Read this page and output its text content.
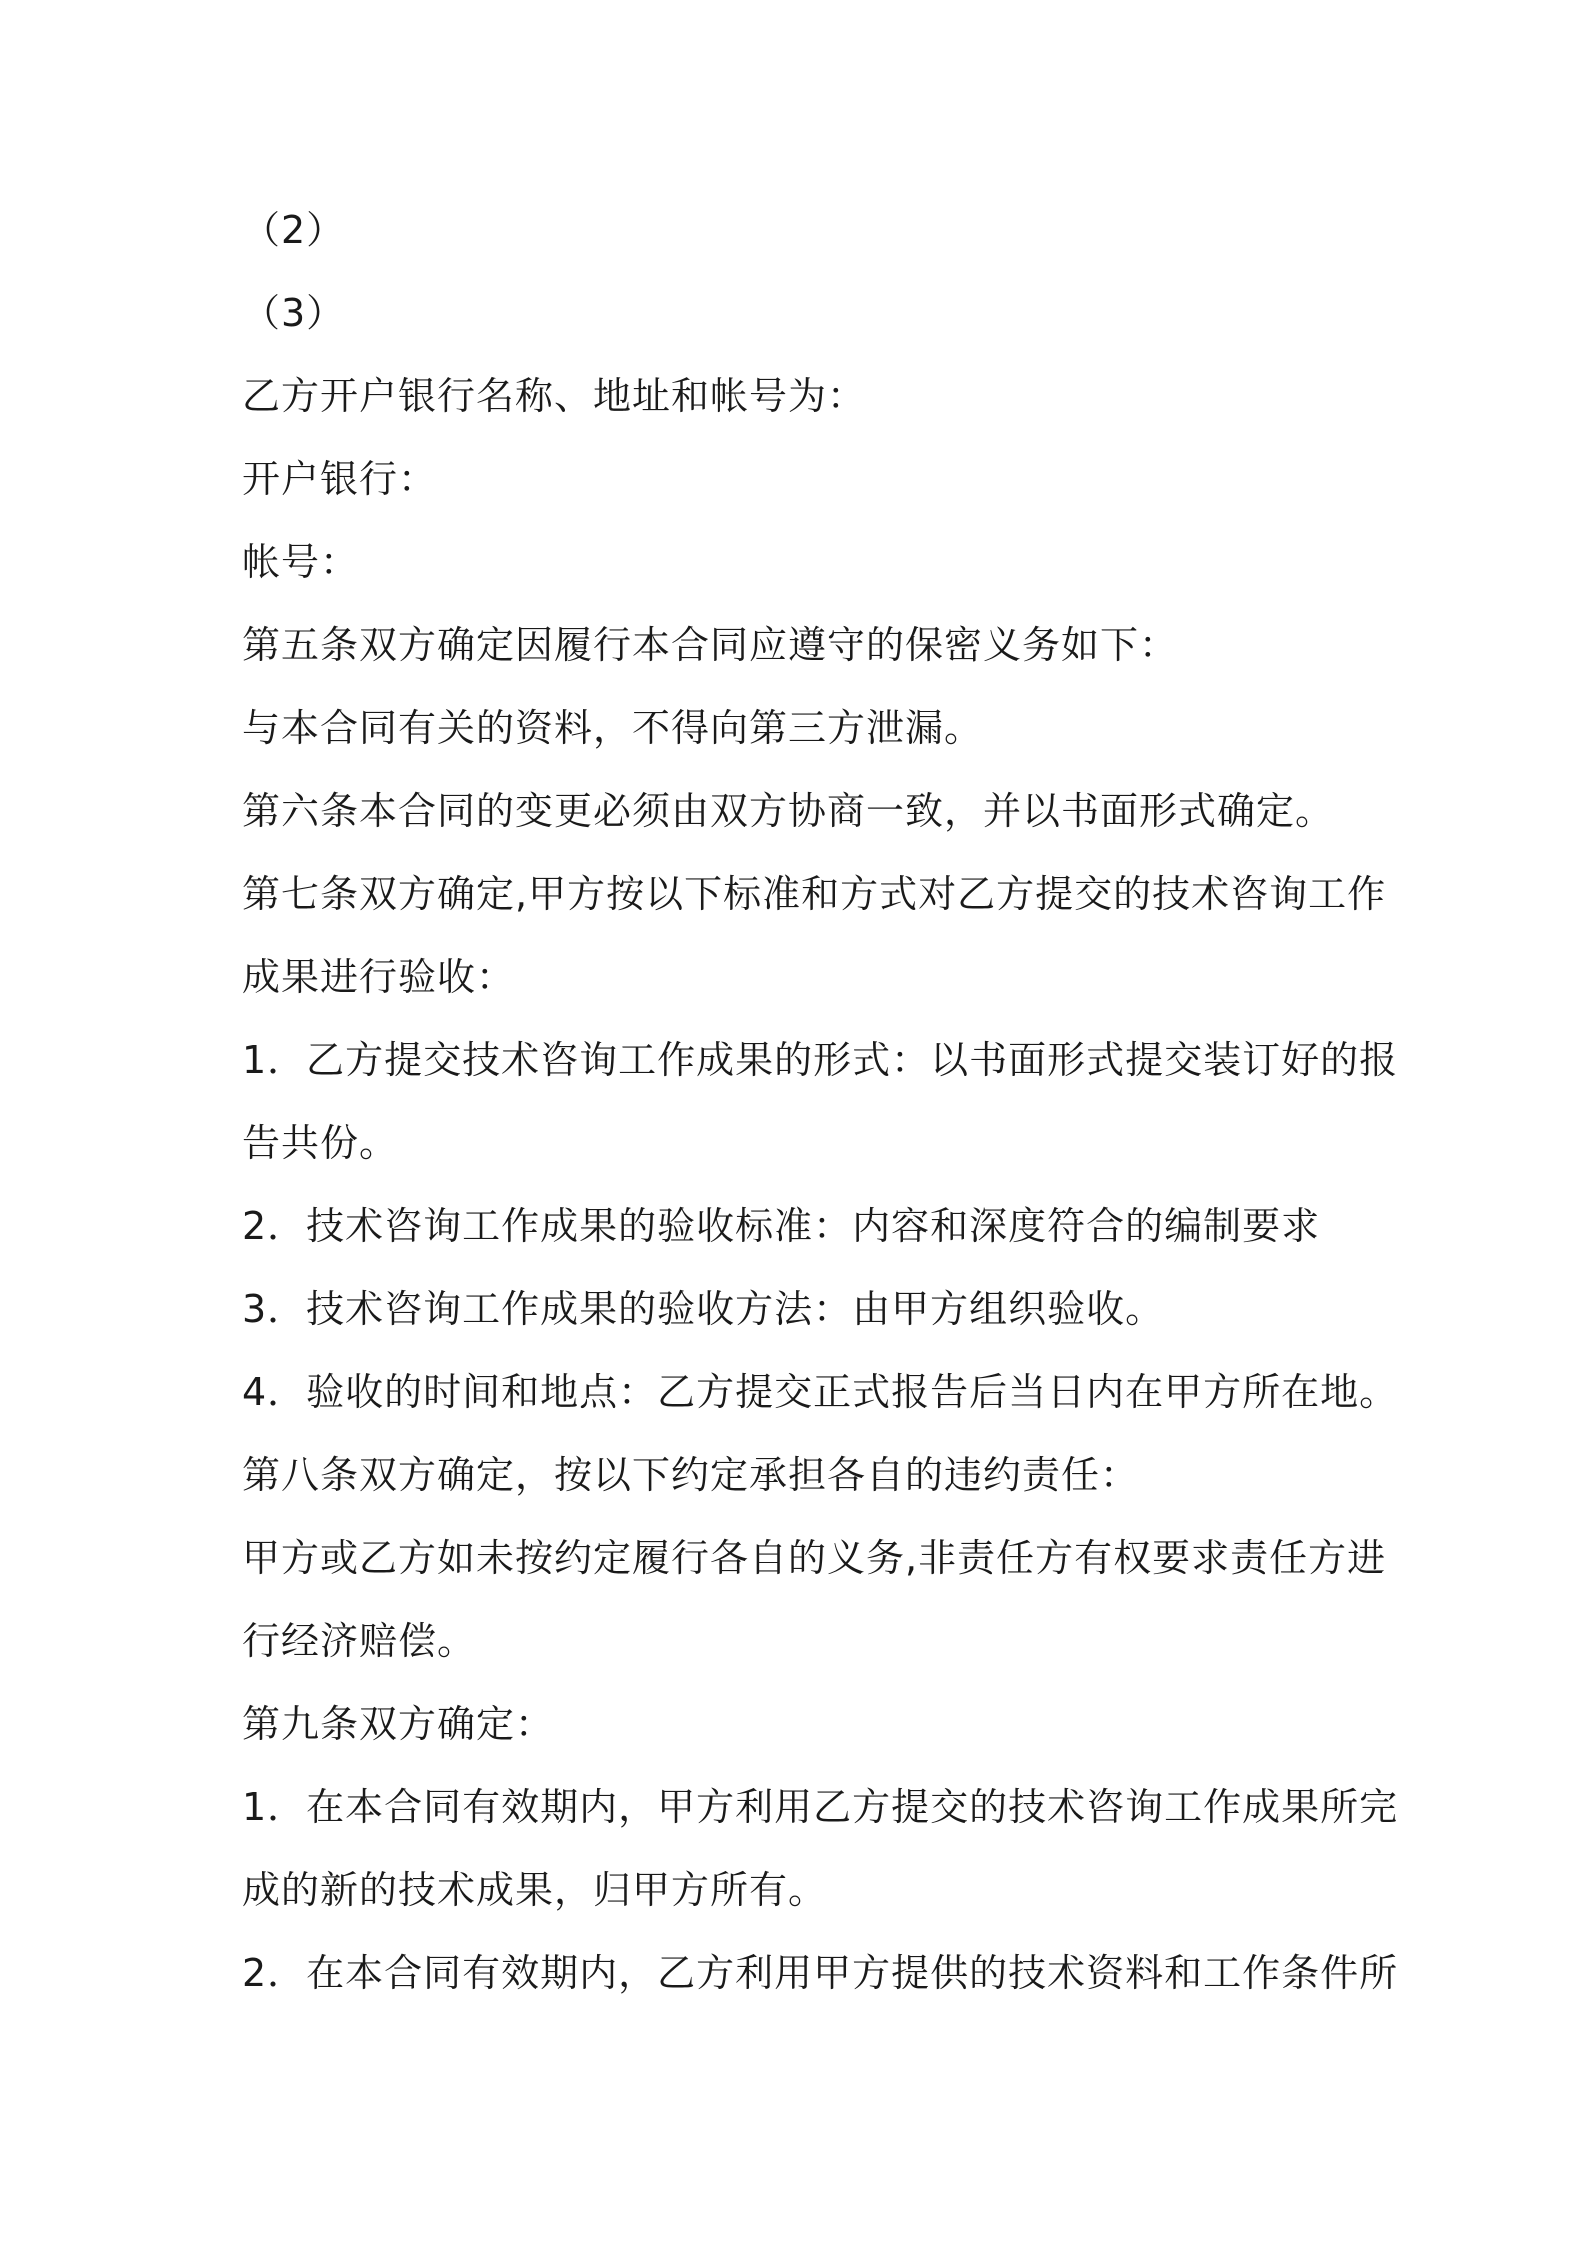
（2）
（3）
乙方开户银行名称、地址和帐号为：
开户银行：
帐号：
第五条双方确定因履行本合同应遵守的保密义务如下：
与本合同有关的资料，不得向第三方泄漏。
第六条本合同的变更必须由双方协商一致，并以书面形式确定。
第七条双方确定,甲方按以下标准和方式对乙方提交的技术咨询工作
成果进行验收：
1．乙方提交技术咨询工作成果的形式：以书面形式提交装订好的报
告共份。
2．技术咨询工作成果的验收标准：内容和深度符合的编制要求
3．技术咨询工作成果的验收方法：由甲方组织验收。
4．验收的时间和地点：乙方提交正式报告后当日内在甲方所在地。
第八条双方确定，按以下约定承担各自的违约责任：
甲方或乙方如未按约定履行各自的义务,非责任方有权要求责任方进
行经济赔偿。
第九条双方确定：
1．在本合同有效期内，甲方利用乙方提交的技术咨询工作成果所完
成的新的技术成果，归甲方所有。
2．在本合同有效期内，乙方利用甲方提供的技术资料和工作条件所
